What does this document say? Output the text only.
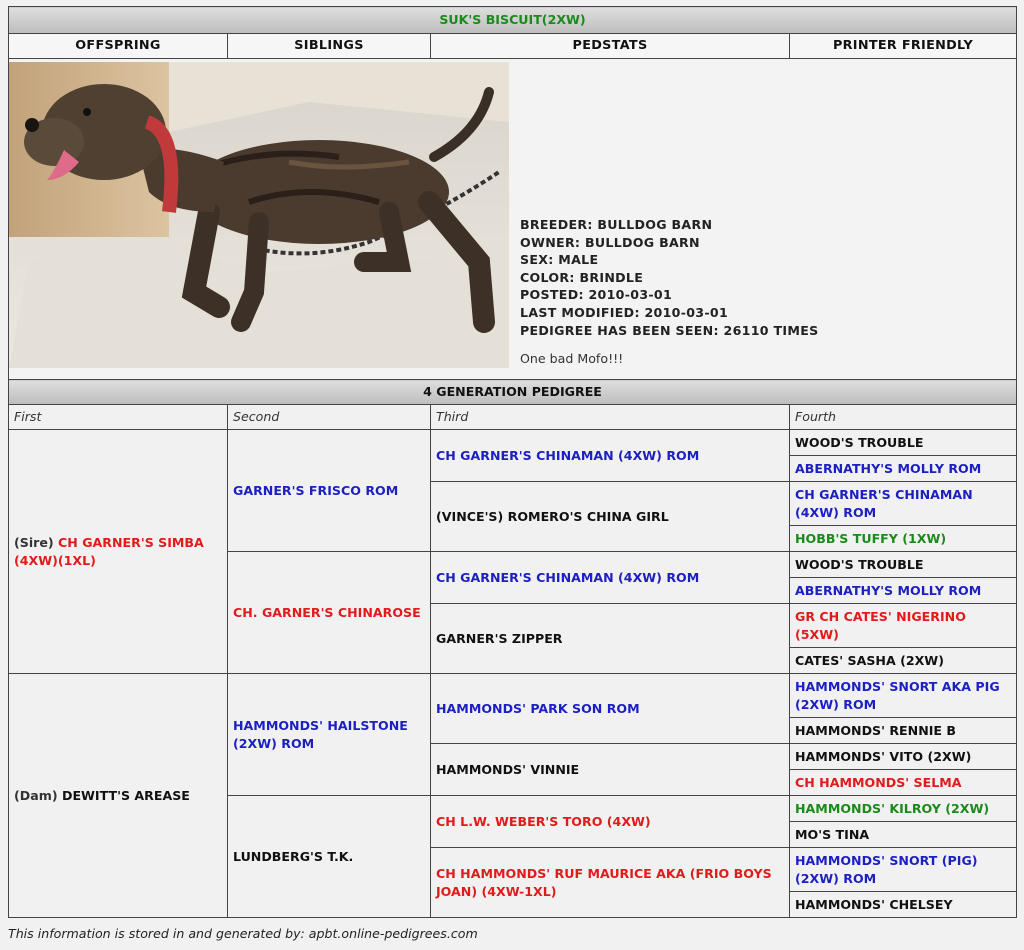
SUK'S BISCUIT(2XW)			
OFFSPRING	SIBLINGS	PEDSTATS	PRINTER FRIENDLY

4 GENERATION PEDIGREE			
First	Second	Third	Fourth
(Sire) CH GARNER'S SIMBA (4XW)(1XL)	GARNER'S FRISCO ROM	CH GARNER'S CHINAMAN (4XW) ROM	WOOD'S TROUBLE
			ABERNATHY'S MOLLY ROM
		(VINCE'S) ROMERO'S CHINA GIRL	CH GARNER'S CHINAMAN (4XW) ROM
			HOBB'S TUFFY (1XW)
	CH. GARNER'S CHINAROSE	CH GARNER'S CHINAMAN (4XW) ROM	WOOD'S TROUBLE
			ABERNATHY'S MOLLY ROM
		GARNER'S ZIPPER	GR CH CATES' NIGERINO (5XW)
			CATES' SASHA (2XW)
(Dam) DEWITT'S AREASE	HAMMONDS' HAILSTONE (2XW) ROM	HAMMONDS' PARK SON ROM	HAMMONDS' SNORT AKA PIG (2XW) ROM
			HAMMONDS' RENNIE B
		HAMMONDS' VINNIE	HAMMONDS' VITO (2XW)
			CH HAMMONDS' SELMA
	LUNDBERG'S T.K.	CH L.W. WEBER'S TORO (4XW)	HAMMONDS' KILROY (2XW)
			MO'S TINA
		CH HAMMONDS' RUF MAURICE AKA (FRIO BOYS JOAN) (4XW-1XL)	HAMMONDS' SNORT (PIG) (2XW) ROM
			HAMMONDS' CHELSEY
BREEDER: BULLDOG BARN
OWNER: BULLDOG BARN
SEX: MALE
COLOR: BRINDLE
POSTED: 2010-03-01
LAST MODIFIED: 2010-03-01
PEDIGREE HAS BEEN SEEN: 26110 TIMES
One bad Mofo!!!
This information is stored in and generated by: apbt.online-pedigrees.com
